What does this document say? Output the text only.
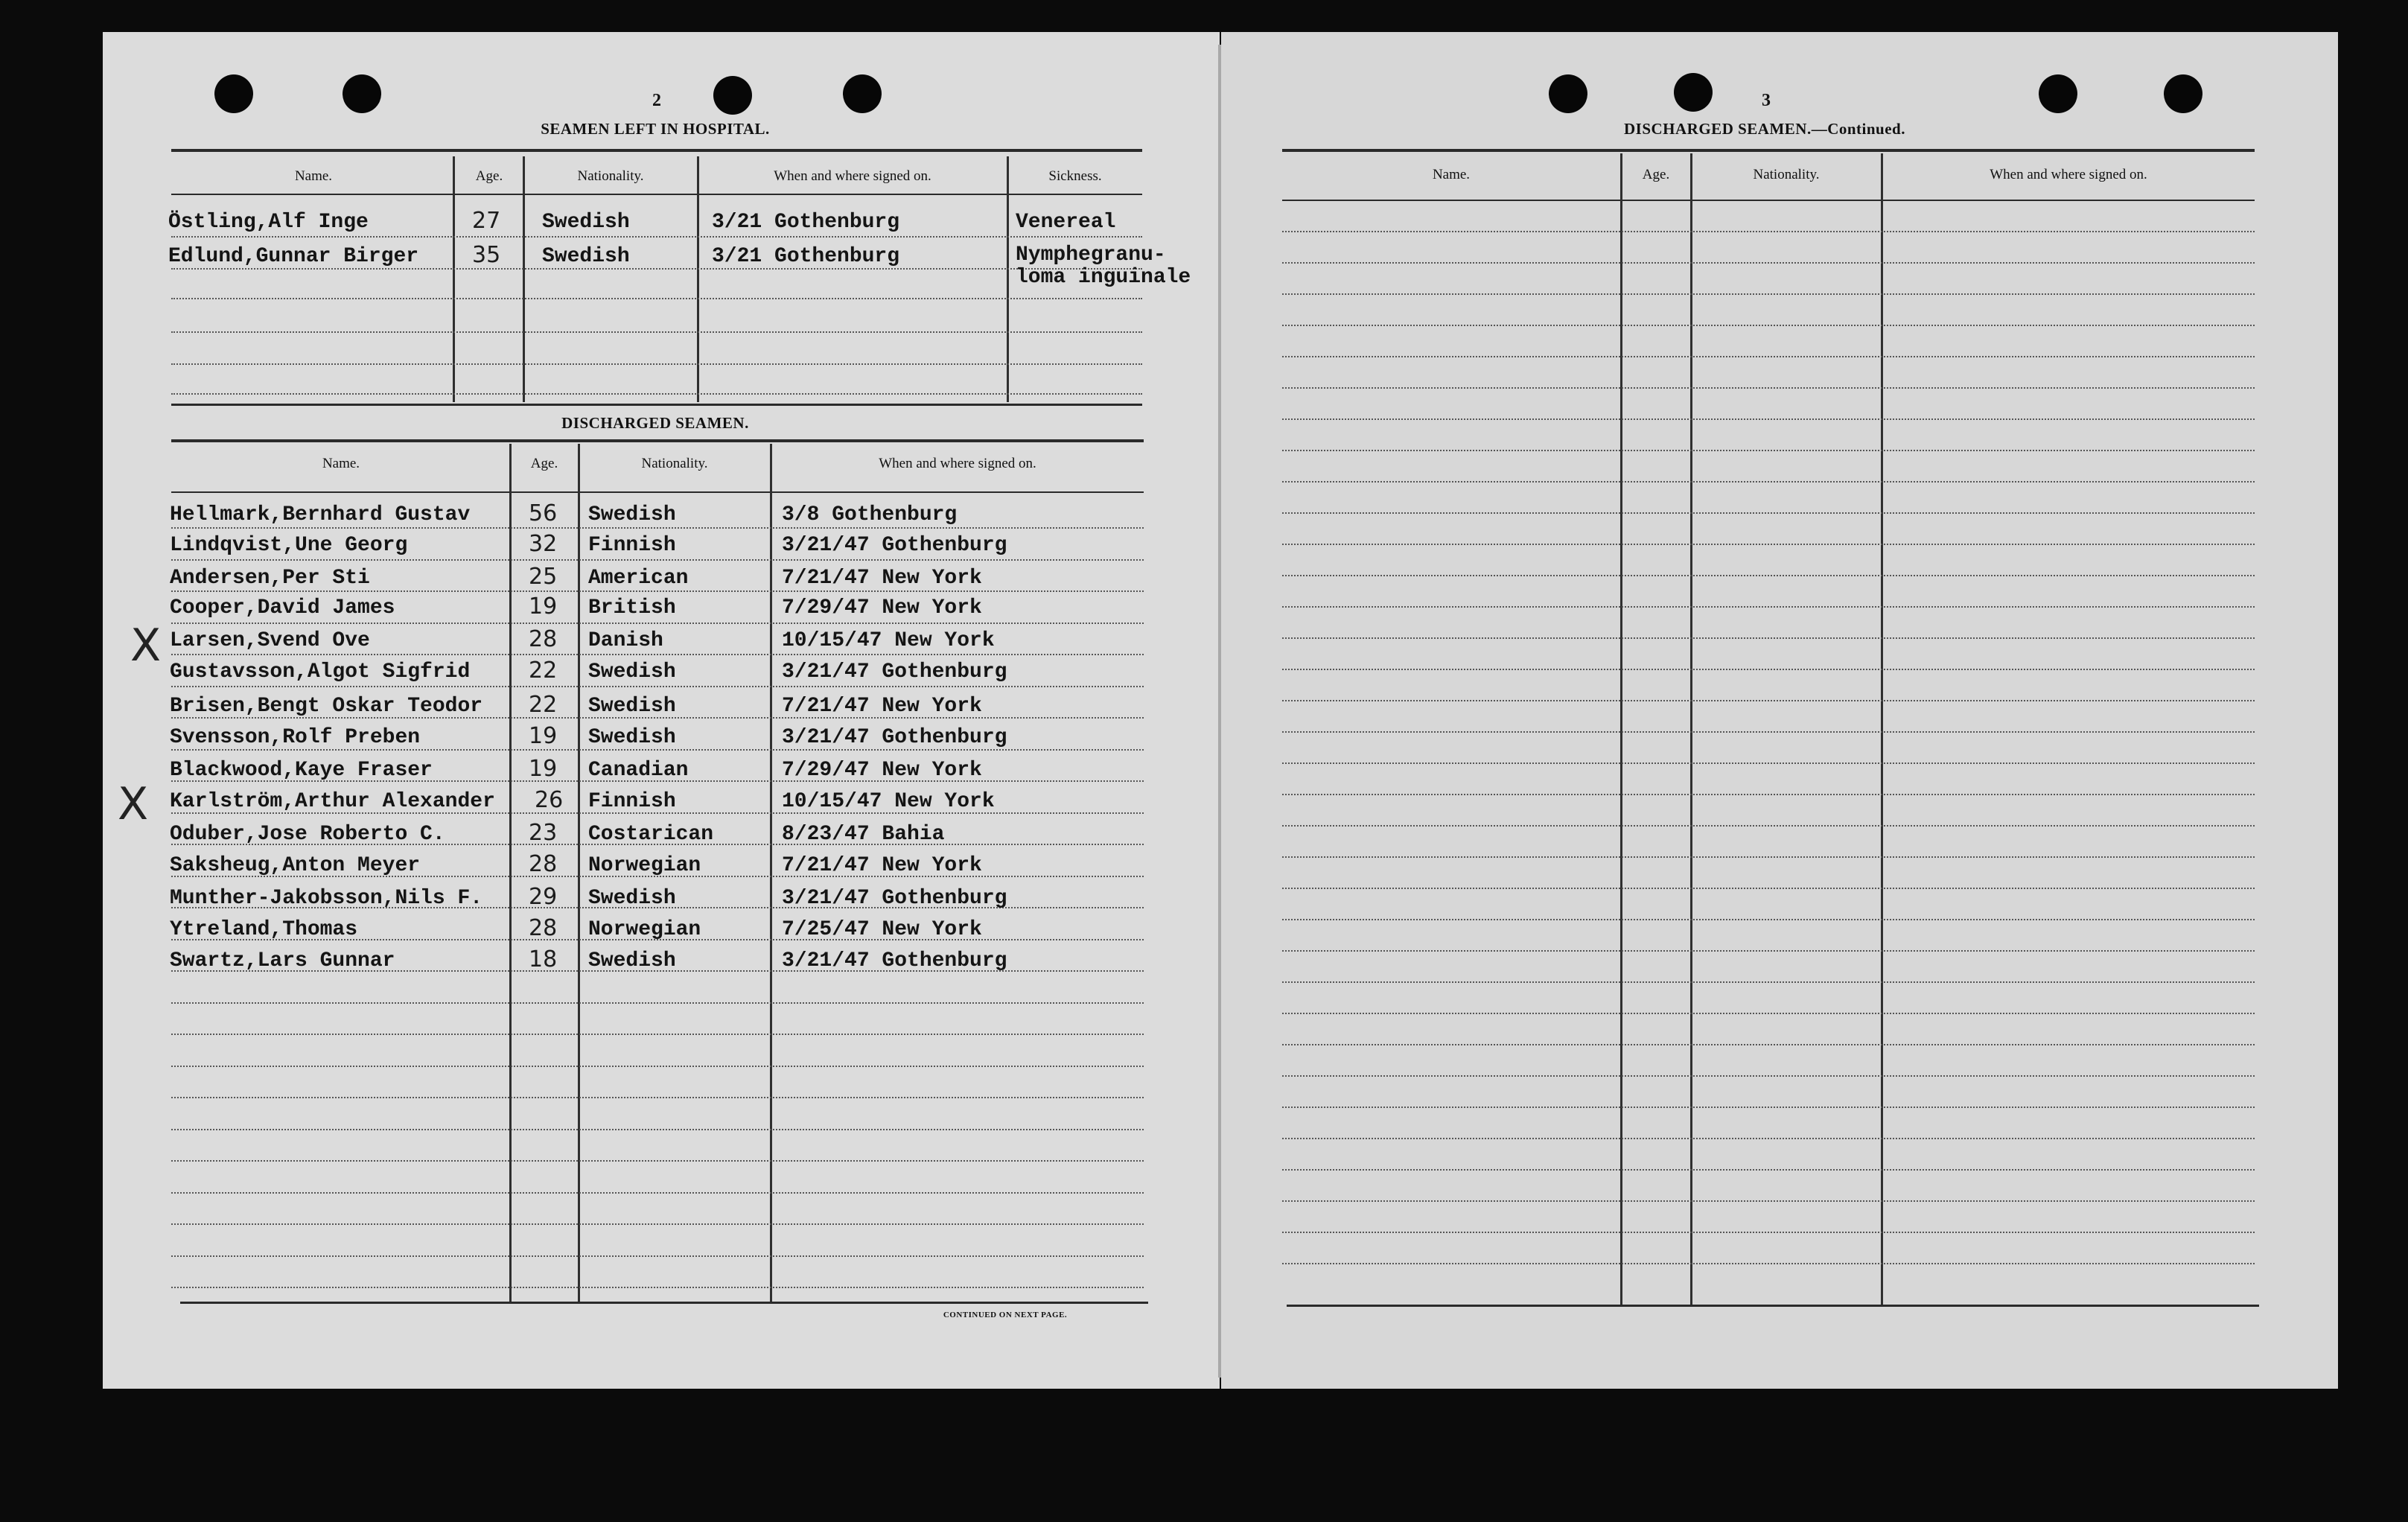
2
SEAMEN LEFT IN HOSPITAL.
Name.	Age.	Nationality.	When and where signed on.	Sickness.
Östling,Alf Inge	27 Swedish	3/21 Gothenburg	Venereal
Edlund,Gunnar Birger 35 Swedish	3/21 Gothenburg	Nymphegranu-
loma inguinale
DISCHARGED SEAMEN.
Name.	Age.	Nationality.	When and where signed on.
CONTINUED ON NEXT PAGE.
X
X
Hellmark,Bernhard Gustav	56 Swedish	3/8 Gothenburg
Lindqvist,Une Georg	32 Finnish	3/21/47 Gothenburg
Andersen,Per Sti	25 American	7/21/47 New York
Cooper,David James	19 British	7/29/47 New York
Larsen,Svend Ove	28 Danish	10/15/47 New York
Gustavsson,Algot Sigfrid	22 Swedish	3/21/47 Gothenburg
Brisen,Bengt Oskar Teodor 22 Swedish	7/21/47 New York
Svensson,Rolf Preben	19 Swedish	3/21/47 Gothenburg
Blackwood,Kaye Fraser	19 Canadian	7/29/47 New York
Karlström,Arthur Alexander 26 Finnish	10/15/47 New York
Oduber,Jose Roberto C.	23 Costarican	8/23/47 Bahia
Saksheug,Anton Meyer	28 Norwegian	7/21/47 New York
Munther-Jakobsson,Nils F. 29 Swedish	3/21/47 Gothenburg
Ytreland,Thomas	28 Norwegian	7/25/47 New York
Swartz,Lars Gunnar	18 Swedish	3/21/47 Gothenburg
3
DISCHARGED SEAMEN.—Continued.
Name.	Age.	Nationality.	When and where signed on.
